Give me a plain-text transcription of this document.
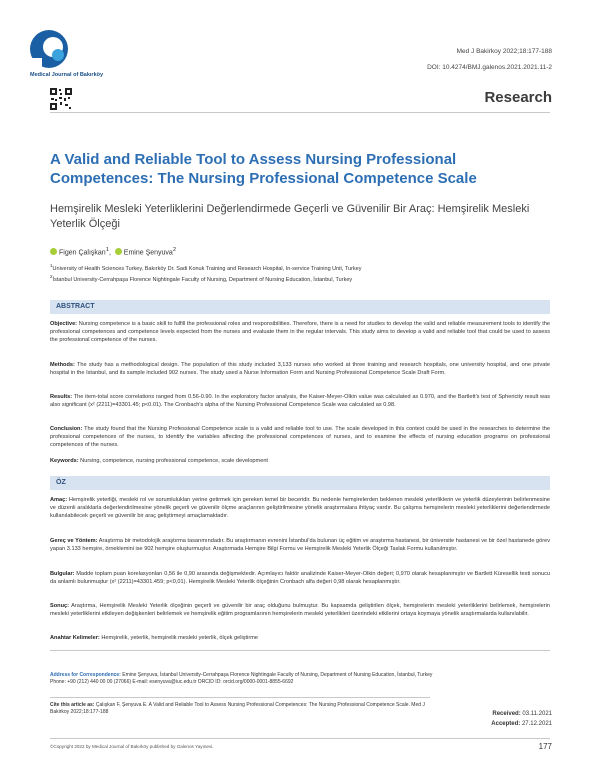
Medical Journal of Bakırköy
Med J Bakirkoy 2022;18:177-188
DOI: 10.4274/BMJ.galenos.2021.2021.11-2
Research
A Valid and Reliable Tool to Assess Nursing Professional Competences: The Nursing Professional Competence Scale
Hemşirelik Mesleki Yeterliklerini Değerlendirmede Geçerli ve Güvenilir Bir Araç: Hemşirelik Mesleki Yeterlik Ölçeği
Figen Çalışkan$^1$,  Emine Şenyuva$^2$
$^1$University of Health Sciences Turkey, Bakırköy Dr. Sadi Konuk Training and Research Hospital, In-service Training Unit, Turkey
$^2$İstanbul University-Cerrahpaşa Florence Nightingale Faculty of Nursing, Department of Nursing Education, İstanbul, Turkey
ABSTRACT
Objective: Nursing competence is a basic skill to fulfill the professional roles and responsibilities. Therefore, there is a need for studies to develop the valid and reliable measurement tools to identify the professional competences and competence levels expected from the nurses and evaluate them in the regular intervals. This study aims to develop a valid and reliable tool that could be used to assess the professional competence of the nurses.
Methods: The study has a methodological design. The population of this study included 3,133 nurses who worked at three training and research hospitals, one university hospital, and one private hospital in the Istanbul, and its sample included 902 nurses. The study used a Nurse Information Form and Nursing Professional Competence Scale Draft Form.
Results: The item-total score correlations ranged from 0.56-0.90. In the exploratory factor analysis, the Kaiser-Meyer-Olkin value was calculated as 0.970, and the Bartlett's test of Sphericity result was also significant (x² (2211)=43301.45; p<0.01). The Cronbach's alpha of the Nursing Professional Competence Scale was calculated as 0.98.
Conclusion: The study found that the Nursing Professional Competence scale is a valid and reliable tool to use. The scale developed in this context could be used in the researches to determine the professional competences of the nurses, to identify the variables affecting the professional competences of nurses, and to examine the effects of nursing education programs on professional competences of the nurses.
Keywords: Nursing, competence, nursing professional competence, scale development
ÖZ
Amaç: Hemşirelik yeterliği, mesleki rol ve sorumlulukları yerine getirmek için gereken temel bir beceridir. Bu nedenle hemşirelerden beklenen mesleki yeterliklerin ve yeterlik düzeylerinin belirlenmesine ve düzenli aralıklarla değerlendirilmesine yönelik geçerli ve güvenilir ölçme araçlarının geliştirilmesine yönelik araştırmalara ihtiyaç vardır. Bu çalışma hemşirelerin mesleki yeterliklerini değerlendirmede kullanılabilecek geçerli ve güvenilir bir araç geliştirmeyi amaçlamaktadır.
Gereç ve Yöntem: Araştırma bir metodolojik araştırma tasarımındadır. Bu araştırmanın evrenini İstanbul'da bulunan üç eğitim ve araştırma hastanesi, bir üniversite hastanesi ve bir özel hastanede görev yapan 3.133 hemşire, örneklemini ise 902 hemşire oluşturmuştur. Araştırmada Hemşire Bilgi Formu ve Hemşirelik Mesleki Yeterlik Ölçeği Taslak Formu kullanılmıştır.
Bulgular: Madde toplam puan korelasyonları 0,56 ile 0,90 arasında değişmektedir. Açımlayıcı faktör analizinde Kaiser-Meyer-Olkin değeri; 0,970 olarak hesaplanmıştır ve Bartlett Küresellik testi sonucu da anlamlı bulunmuştur (x² (2211)=43301.459; p<0,01). Hemşirelik Mesleki Yeterlik ölçeğinin Cronbach alfa değeri 0,98 olarak hesaplanmıştır.
Sonuç: Araştırma, Hemşirelik Mesleki Yeterlik ölçeğinin geçerli ve güvenilir bir araç olduğunu bulmuştur. Bu kapsamda geliştirilen ölçek, hemşirelerin mesleki yeterliklerini belirlemek, hemşirelerin mesleki yeterliklerini etkileyen değişkenleri belirlemek ve hemşirelik eğitim programlarının hemşirelerin mesleki yeterlikleri üzerindeki etkilerini ortaya koymaya yönelik araştırmalarda kullanılabilir.
Anahtar Kelimeler: Hemşirelik, yeterlik, hemşirelik mesleki yeterlik, ölçek geliştirme
Address for Correspondence: Emine Şenyuva, İstanbul University-Cerrahpaşa Florence Nightingale Faculty of Nursing, Department of Nursing Education, İstanbul, Turkey
Phone: +90 (212) 440 00 00 (27066) E-mail: esenyuva@iuc.edu.tr ORCID ID: orcid.org/0000-0001-8855-6692
Cite this article as: Çalışkan F, Şenyuva E. A Valid and Reliable Tool to Assess Nursing Professional Competences: The Nursing Professional Competence Scale. Med J Bakirkoy 2022;18:177-188	Received: 03.11.2021
Accepted: 27.12.2021
©Copyright 2022 by Medical Journal of Bakırköy published by Galenos Yayınevi.	177
